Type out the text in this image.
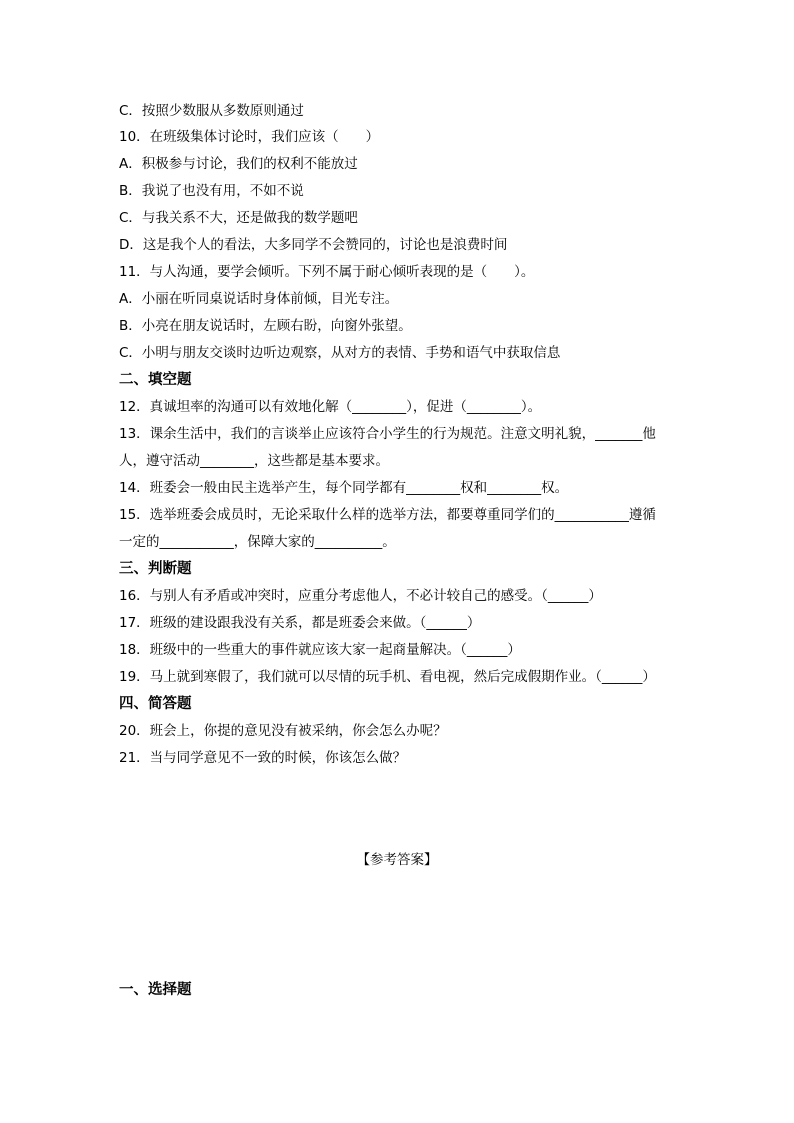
C．按照少数服从多数原则通过
10．在班级集体讨论时，我们应该（　　）
A．积极参与讨论，我们的权利不能放过
B．我说了也没有用，不如不说
C．与我关系不大，还是做我的数学题吧
D．这是我个人的看法，大多同学不会赞同的，讨论也是浪费时间
11．与人沟通，要学会倾听。下列不属于耐心倾听表现的是（　　）。
A．小丽在听同桌说话时身体前倾，目光专注。
B．小亮在朋友说话时，左顾右盼，向窗外张望。
C．小明与朋友交谈时边听边观察，从对方的表情、手势和语气中获取信息
二、填空题
12．真诚坦率的沟通可以有效地化解（________），促进（________）。
13．课余生活中，我们的言谈举止应该符合小学生的行为规范。注意文明礼貌，_______他
人，遵守活动________，这些都是基本要求。
14．班委会一般由民主选举产生，每个同学都有________权和________权。
15．选举班委会成员时，无论采取什么样的选举方法，都要尊重同学们的___________遵循
一定的___________，保障大家的__________。
三、判断题
16．与别人有矛盾或冲突时，应重分考虑他人，不必计较自己的感受。（______）
17．班级的建设跟我没有关系，都是班委会来做。（______）
18．班级中的一些重大的事件就应该大家一起商量解决。（______）
19．马上就到寒假了，我们就可以尽情的玩手机、看电视，然后完成假期作业。（______）
四、简答题
20．班会上，你提的意见没有被采纳，你会怎么办呢？
21．当与同学意见不一致的时候，你该怎么做？
【参考答案】
一、选择题
